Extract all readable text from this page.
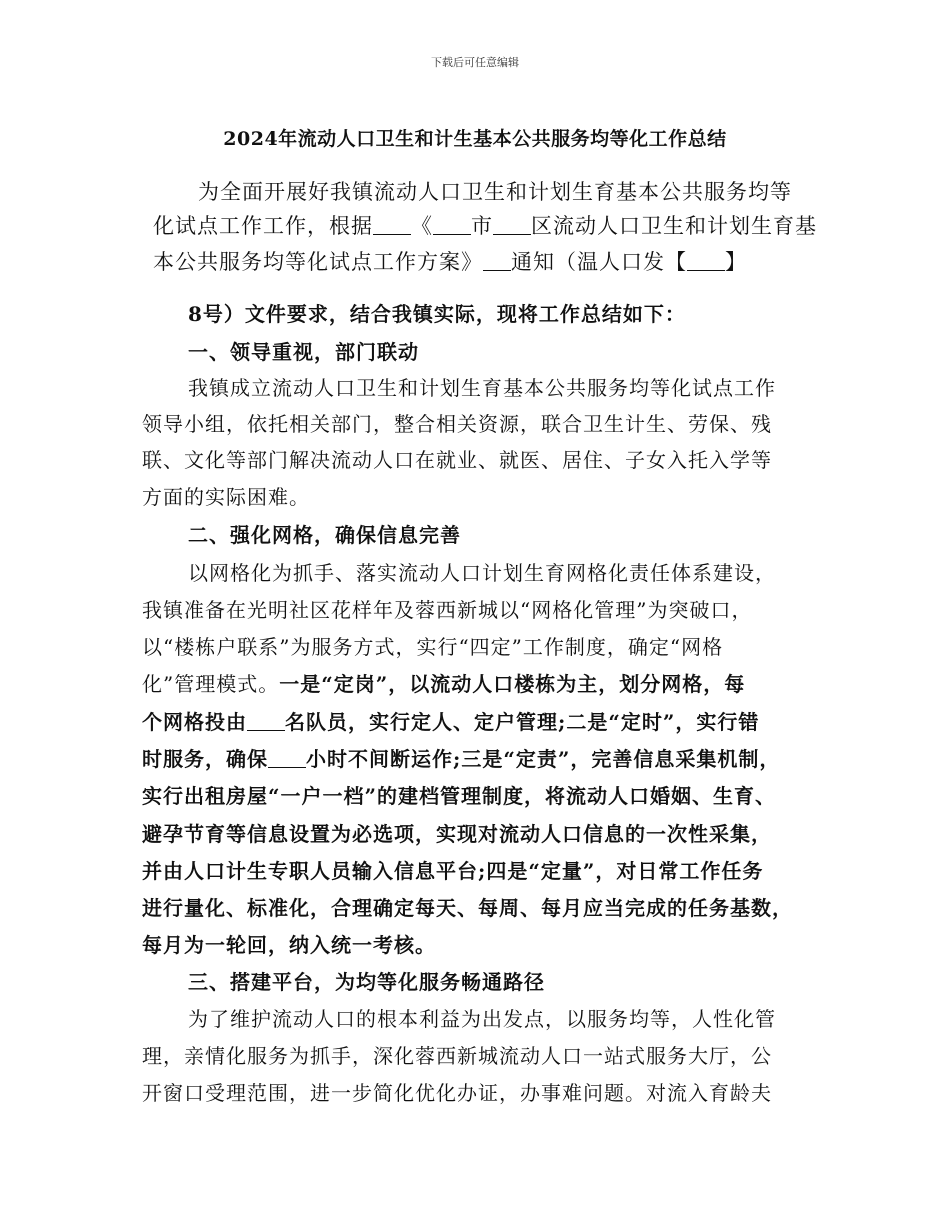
下载后可任意编辑
2024年流动人口卫生和计生基本公共服务均等化工作总结
为全面开展好我镇流动人口卫生和计划生育基本公共服务均等
化试点工作工作，根据 《 市 区流动人口卫生和计划生育基
本公共服务均等化试点工作方案》 通知（温人口发【 】
8号）文件要求，结合我镇实际，现将工作总结如下：
一、领导重视，部门联动
我镇成立流动人口卫生和计划生育基本公共服务均等化试点工作
领导小组，依托相关部门，整合相关资源，联合卫生计生、劳保、残
联、文化等部门解决流动人口在就业、就医、居住、子女入托入学等
方面的实际困难。
二、强化网格，确保信息完善
以网格化为抓手、落实流动人口计划生育网格化责任体系建设，
我镇准备在光明社区花样年及蓉西新城以“网格化管理”为突破口，
以“楼栋户联系”为服务方式，实行“四定”工作制度，确定“网格
化”管理模式。一是“定岗”，以流动人口楼栋为主，划分网格，每
个网格投由 名队员，实行定人、定户管理;二是“定时”，实行错
时服务，确保 小时不间断运作;三是“定责”，完善信息采集机制，
实行出租房屋“一户一档”的建档管理制度，将流动人口婚姻、生育、
避孕节育等信息设置为必选项，实现对流动人口信息的一次性采集，
并由人口计生专职人员输入信息平台;四是“定量”，对日常工作任务
进行量化、标准化，合理确定每天、每周、每月应当完成的任务基数，
每月为一轮回，纳入统一考核。
三、搭建平台，为均等化服务畅通路径
为了维护流动人口的根本利益为出发点，以服务均等，人性化管
理，亲情化服务为抓手，深化蓉西新城流动人口一站式服务大厅，公
开窗口受理范围，进一步简化优化办证，办事难问题。对流入育龄夫
